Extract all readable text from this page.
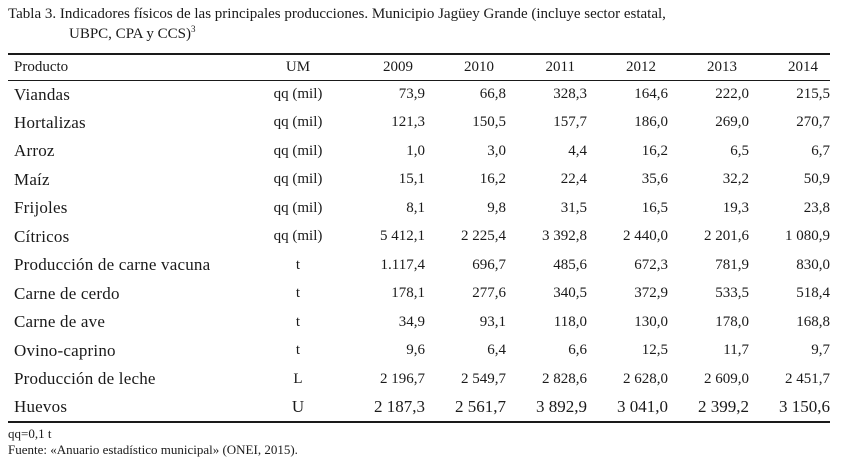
Tabla 3. Indicadores físicos de las principales producciones. Municipio Jagüey Grande (incluye sector estatal,
UBPC, CPA y CCS)$^3$
Producto	UM	2009	2010	2011	2012	2013	2014
Viandas	qq (mil)	73,9	66,8	328,3	164,6	222,0	215,5
Hortalizas	qq (mil)	121,3	150,5	157,7	186,0	269,0	270,7
Arroz	qq (mil)	1,0	3,0	4,4	16,2	6,5	6,7
Maíz	qq (mil)	15,1	16,2	22,4	35,6	32,2	50,9
Frijoles	qq (mil)	8,1	9,8	31,5	16,5	19,3	23,8
Cítricos	qq (mil)	5 412,1	2 225,4	3 392,8	2 440,0	2 201,6	1 080,9
Producción de carne vacuna	t	1.117,4	696,7	485,6	672,3	781,9	830,0
Carne de cerdo	t	178,1	277,6	340,5	372,9	533,5	518,4
Carne de ave	t	34,9	93,1	118,0	130,0	178,0	168,8
Ovino-caprino	t	9,6	6,4	6,6	12,5	11,7	9,7
Producción de leche	L	2 196,7	2 549,7	2 828,6	2 628,0	2 609,0	2 451,7
Huevos	U	2 187,3	2 561,7	3 892,9	3 041,0	2 399,2	3 150,6
qq=0,1 t
Fuente: «Anuario estadístico municipal» (ONEI, 2015).
